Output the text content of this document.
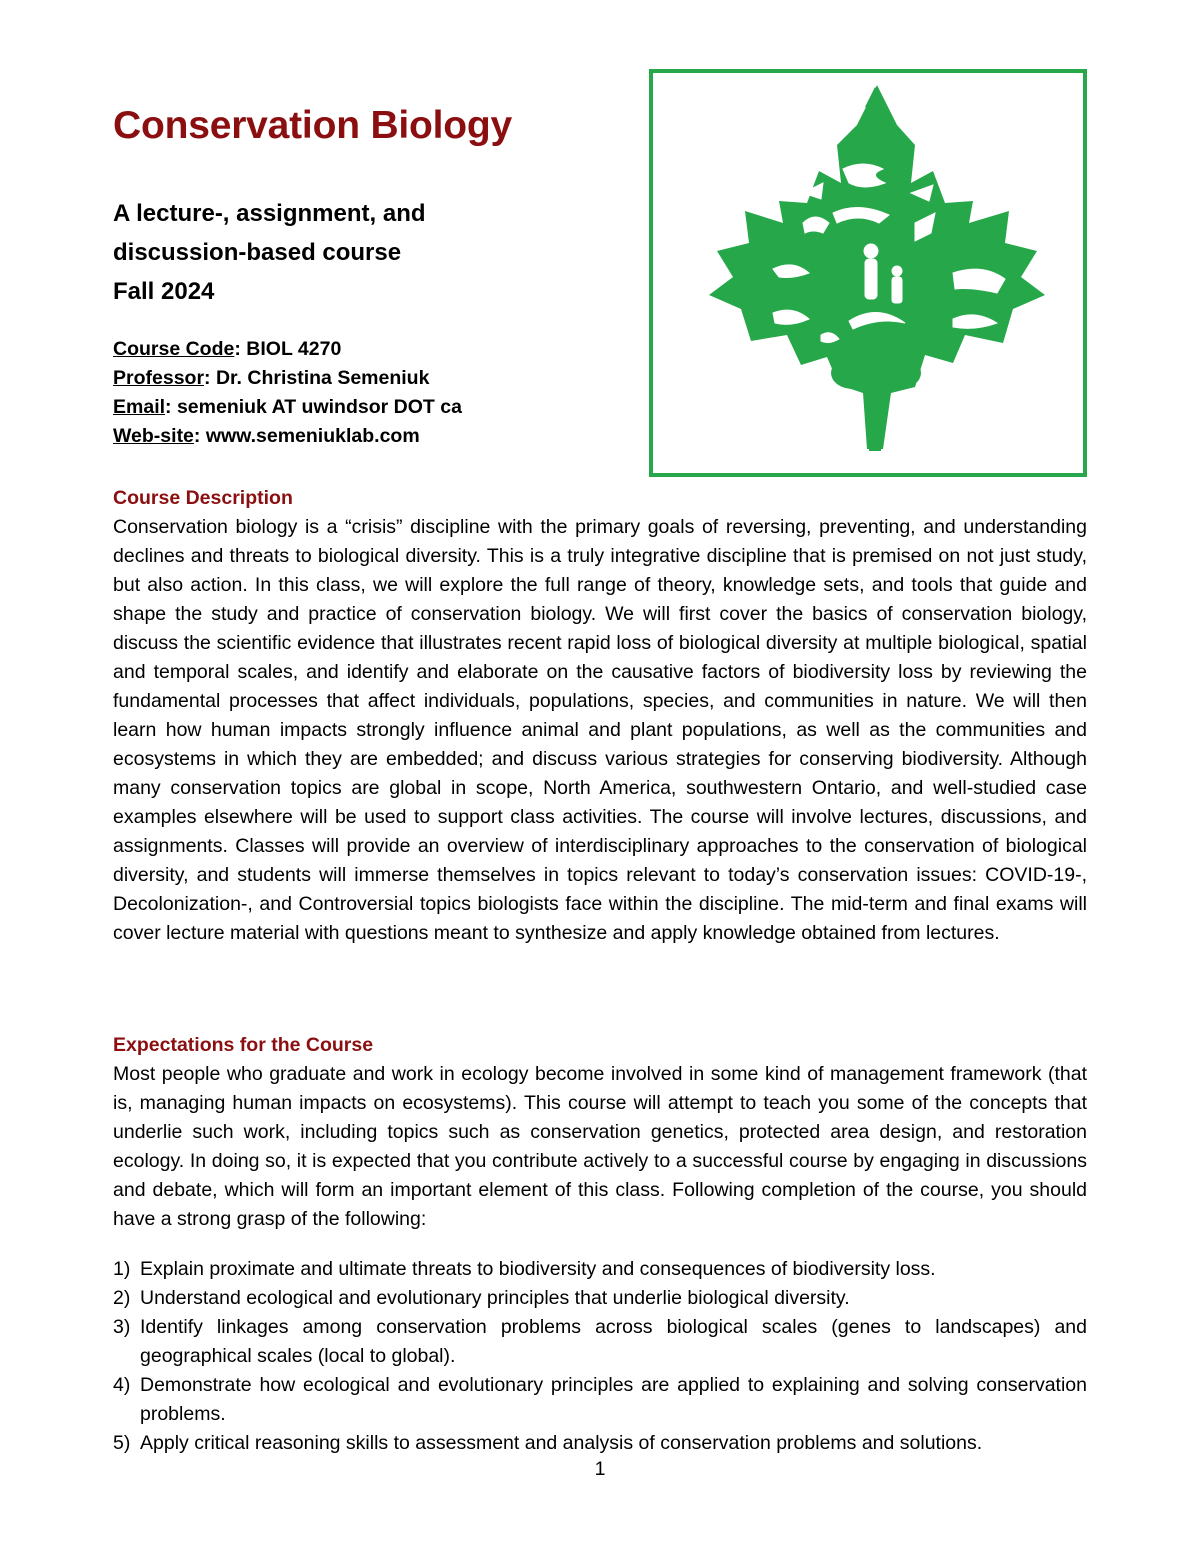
Conservation Biology
A lecture-, assignment, and
discussion-based course
Fall 2024
Course Code: BIOL 4270
Professor: Dr. Christina Semeniuk
Email: semeniuk AT uwindsor DOT ca
Web-site: www.semeniuklab.com
Course Description

Conservation biology is a “crisis” discipline with the primary goals of reversing, preventing, and understanding declines and threats to biological diversity. This is a truly integrative discipline that is premised on not just study, but also action. In this class, we will explore the full range of theory, knowledge sets, and tools that guide and shape the study and practice of conservation biology. We will first cover the basics of conservation biology, discuss the scientific evidence that illustrates recent rapid loss of biological diversity at multiple biological, spatial and temporal scales, and identify and elaborate on the causative factors of biodiversity loss by reviewing the fundamental processes that affect individuals, populations, species, and communities in nature. We will then learn how human impacts strongly influence animal and plant populations, as well as the communities and ecosystems in which they are embedded; and discuss various strategies for conserving biodiversity. Although many conservation topics are global in scope, North America, southwestern Ontario, and well-studied case examples elsewhere will be used to support class activities. The course will involve lectures, discussions, and assignments. Classes will provide an overview of interdisciplinary approaches to the conservation of biological diversity, and students will immerse themselves in topics relevant to today’s conservation issues: COVID-19-, Decolonization-, and Controversial topics biologists face within the discipline. The mid-term and final exams will cover lecture material with questions meant to synthesize and apply knowledge obtained from lectures.

Expectations for the Course

Most people who graduate and work in ecology become involved in some kind of management framework (that is, managing human impacts on ecosystems). This course will attempt to teach you some of the concepts that underlie such work, including topics such as conservation genetics, protected area design, and restoration ecology. In doing so, it is expected that you contribute actively to a successful course by engaging in discussions and debate, which will form an important element of this class. Following completion of the course, you should have a strong grasp of the following:

1) Explain proximate and ultimate threats to biodiversity and consequences of biodiversity loss.
2) Understand ecological and evolutionary principles that underlie biological diversity.
3) Identify linkages among conservation problems across biological scales (genes to landscapes) and geographical scales (local to global).
4) Demonstrate how ecological and evolutionary principles are applied to explaining and solving conservation problems.
5) Apply critical reasoning skills to assessment and analysis of conservation problems and solutions.
1
